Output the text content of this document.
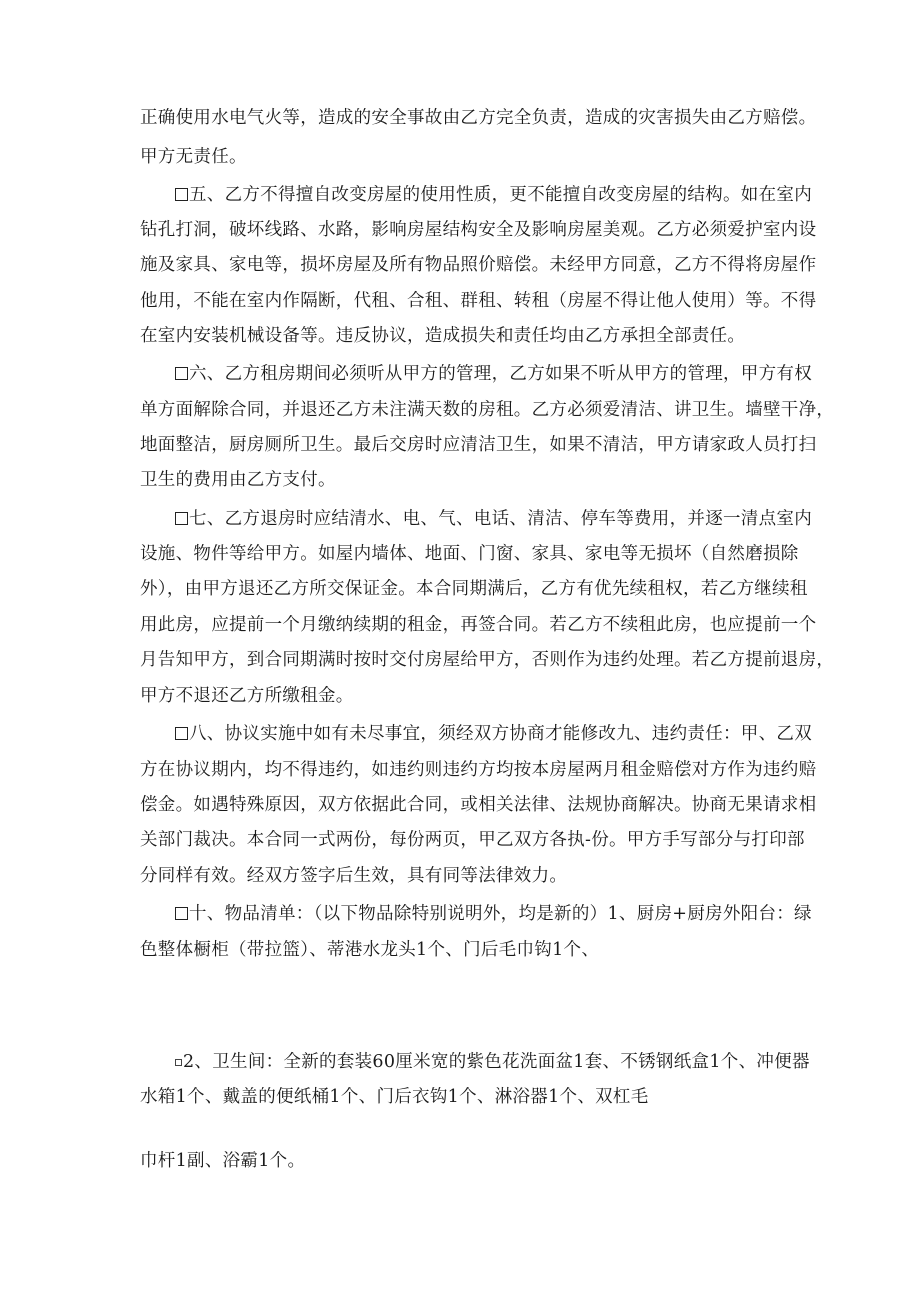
正确使用水电气火等，造成的安全事故由乙方完全负责，造成的灾害损失由乙方赔偿。
甲方无责任。
五、乙方不得擅自改变房屋的使用性质，更不能擅自改变房屋的结构。如在室内
钻孔打洞，破坏线路、水路，影响房屋结构安全及影响房屋美观。乙方必须爱护室内设
施及家具、家电等，损坏房屋及所有物品照价赔偿。未经甲方同意，乙方不得将房屋作
他用，不能在室内作隔断，代租、合租、群租、转租（房屋不得让他人使用）等。不得
在室内安装机械设备等。违反协议，造成损失和责任均由乙方承担全部责任。
六、乙方租房期间必须听从甲方的管理，乙方如果不听从甲方的管理，甲方有权
单方面解除合同，并退还乙方未注满天数的房租。乙方必须爱清洁、讲卫生。墙壁干净，
地面整洁，厨房厕所卫生。最后交房时应清洁卫生，如果不清洁，甲方请家政人员打扫
卫生的费用由乙方支付。
七、乙方退房时应结清水、电、气、电话、清洁、停车等费用，并逐一清点室内
设施、物件等给甲方。如屋内墙体、地面、门窗、家具、家电等无损坏（自然磨损除
外），由甲方退还乙方所交保证金。本合同期满后，乙方有优先续租权，若乙方继续租
用此房，应提前一个月缴纳续期的租金，再签合同。若乙方不续租此房，也应提前一个
月告知甲方，到合同期满时按时交付房屋给甲方，否则作为违约处理。若乙方提前退房，
甲方不退还乙方所缴租金。
八、协议实施中如有未尽事宜，须经双方协商才能修改九、违约责任：甲、乙双
方在协议期内，均不得违约，如违约则违约方均按本房屋两月租金赔偿对方作为违约赔
偿金。如遇特殊原因，双方依据此合同，或相关法律、法规协商解决。协商无果请求相
关部门裁决。本合同一式两份，每份两页，甲乙双方各执-份。甲方手写部分与打印部
分同样有效。经双方签字后生效，具有同等法律效力。
十、物品清单：（以下物品除特别说明外，均是新的）1、厨房+厨房外阳台：绿
色整体橱柜（带拉篮）、蒂港水龙头1个、门后毛巾钩1个、
2、卫生间：全新的套装60厘米宽的紫色花洗面盆1套、不锈钢纸盒1个、冲便器
水箱1个、戴盖的便纸桶1个、门后衣钩1个、淋浴器1个、双杠毛
巾杆1副、浴霸1个。
